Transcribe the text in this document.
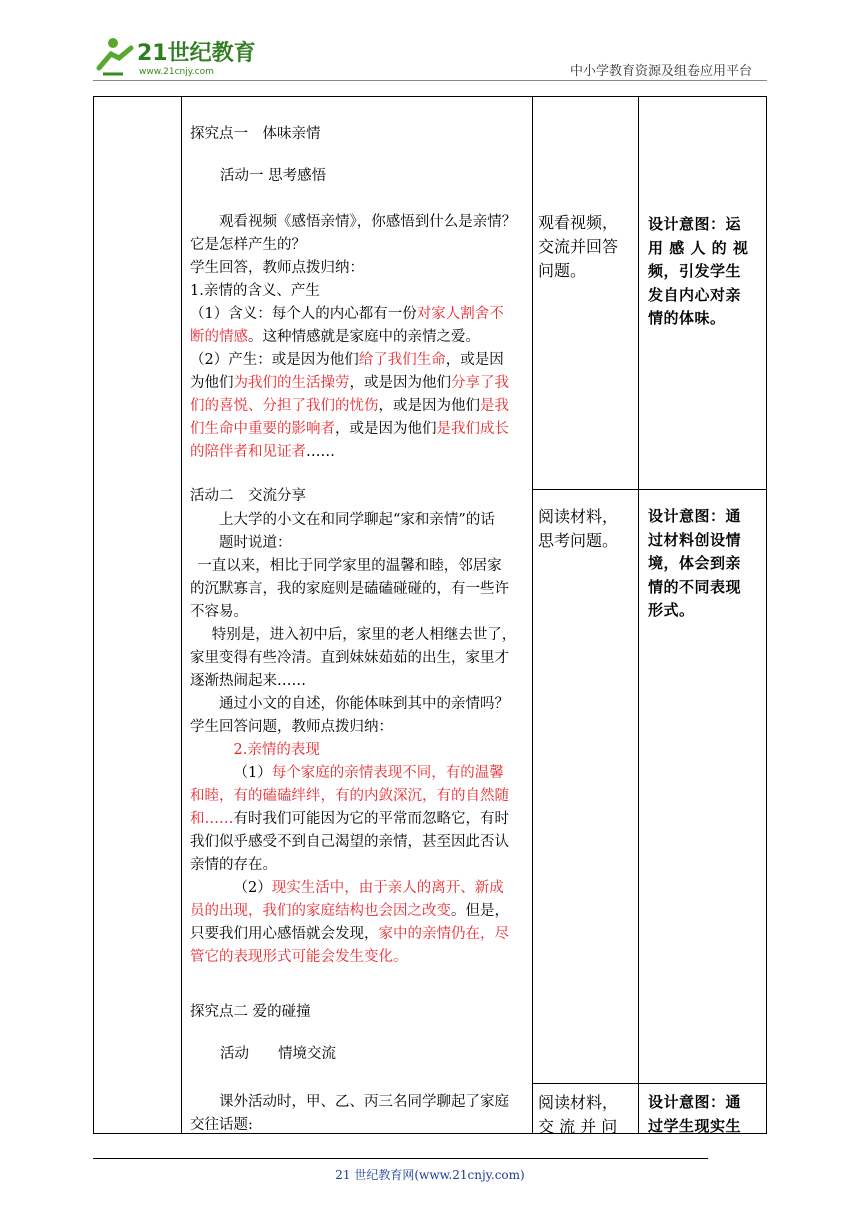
21世纪教育
www.21cnjy.com	中小学教育资源及组卷应用平台
探究点一　体味亲情
活动一 思考感悟

观看视频《感悟亲情》，你感悟到什么是亲情？

它是怎样产生的？

学生回答，教师点拨归纳：

1.亲情的含义、产生

（1）含义：每个人的内心都有一份对家人割舍不

断的情感。这种情感就是家庭中的亲情之爱。

（2）产生：或是因为他们给了我们生命，或是因

为他们为我们的生活操劳，或是因为他们分享了我

们的喜悦、分担了我们的忧伤，或是因为他们是我

们生命中重要的影响者，或是因为他们是我们成长

的陪伴者和见证者……

活动二　交流分享

上大学的小文在和同学聊起“家和亲情”的话

题时说道：

一直以来，相比于同学家里的温馨和睦，邻居家

的沉默寡言，我的家庭则是磕磕碰碰的，有一些许

不容易。

特别是，进入初中后，家里的老人相继去世了，

家里变得有些冷清。直到妹妹茹茹的出生，家里才

逐渐热闹起来……

通过小文的自述，你能体味到其中的亲情吗？

学生回答问题，教师点拨归纳：

2.亲情的表现

（1）每个家庭的亲情表现不同，有的温馨

和睦，有的磕磕绊绊，有的内敛深沉，有的自然随

和……有时我们可能因为它的平常而忽略它，有时

我们似乎感受不到自己渴望的亲情，甚至因此否认

亲情的存在。

（2）现实生活中，由于亲人的离开、新成

员的出现，我们的家庭结构也会因之改变。但是，

只要我们用心感悟就会发现，家中的亲情仍在，尽

管它的表现形式可能会发生变化。

探究点二 爱的碰撞
活动　　情境交流

课外活动时，甲、乙、丙三名同学聊起了家庭

交往话题:

观看视频，
交流并回答
问题。
阅读材料，
思考问题。
阅读材料，
交 流 并 问
设计意图：运
用 感 人 的 视
频，引发学生
发自内心对亲
情的体味。
设计意图：通
过材料创设情
境，体会到亲
情的不同表现
形式。
设计意图：通
过学生现实生
21 世纪教育网(www.21cnjy.com)
